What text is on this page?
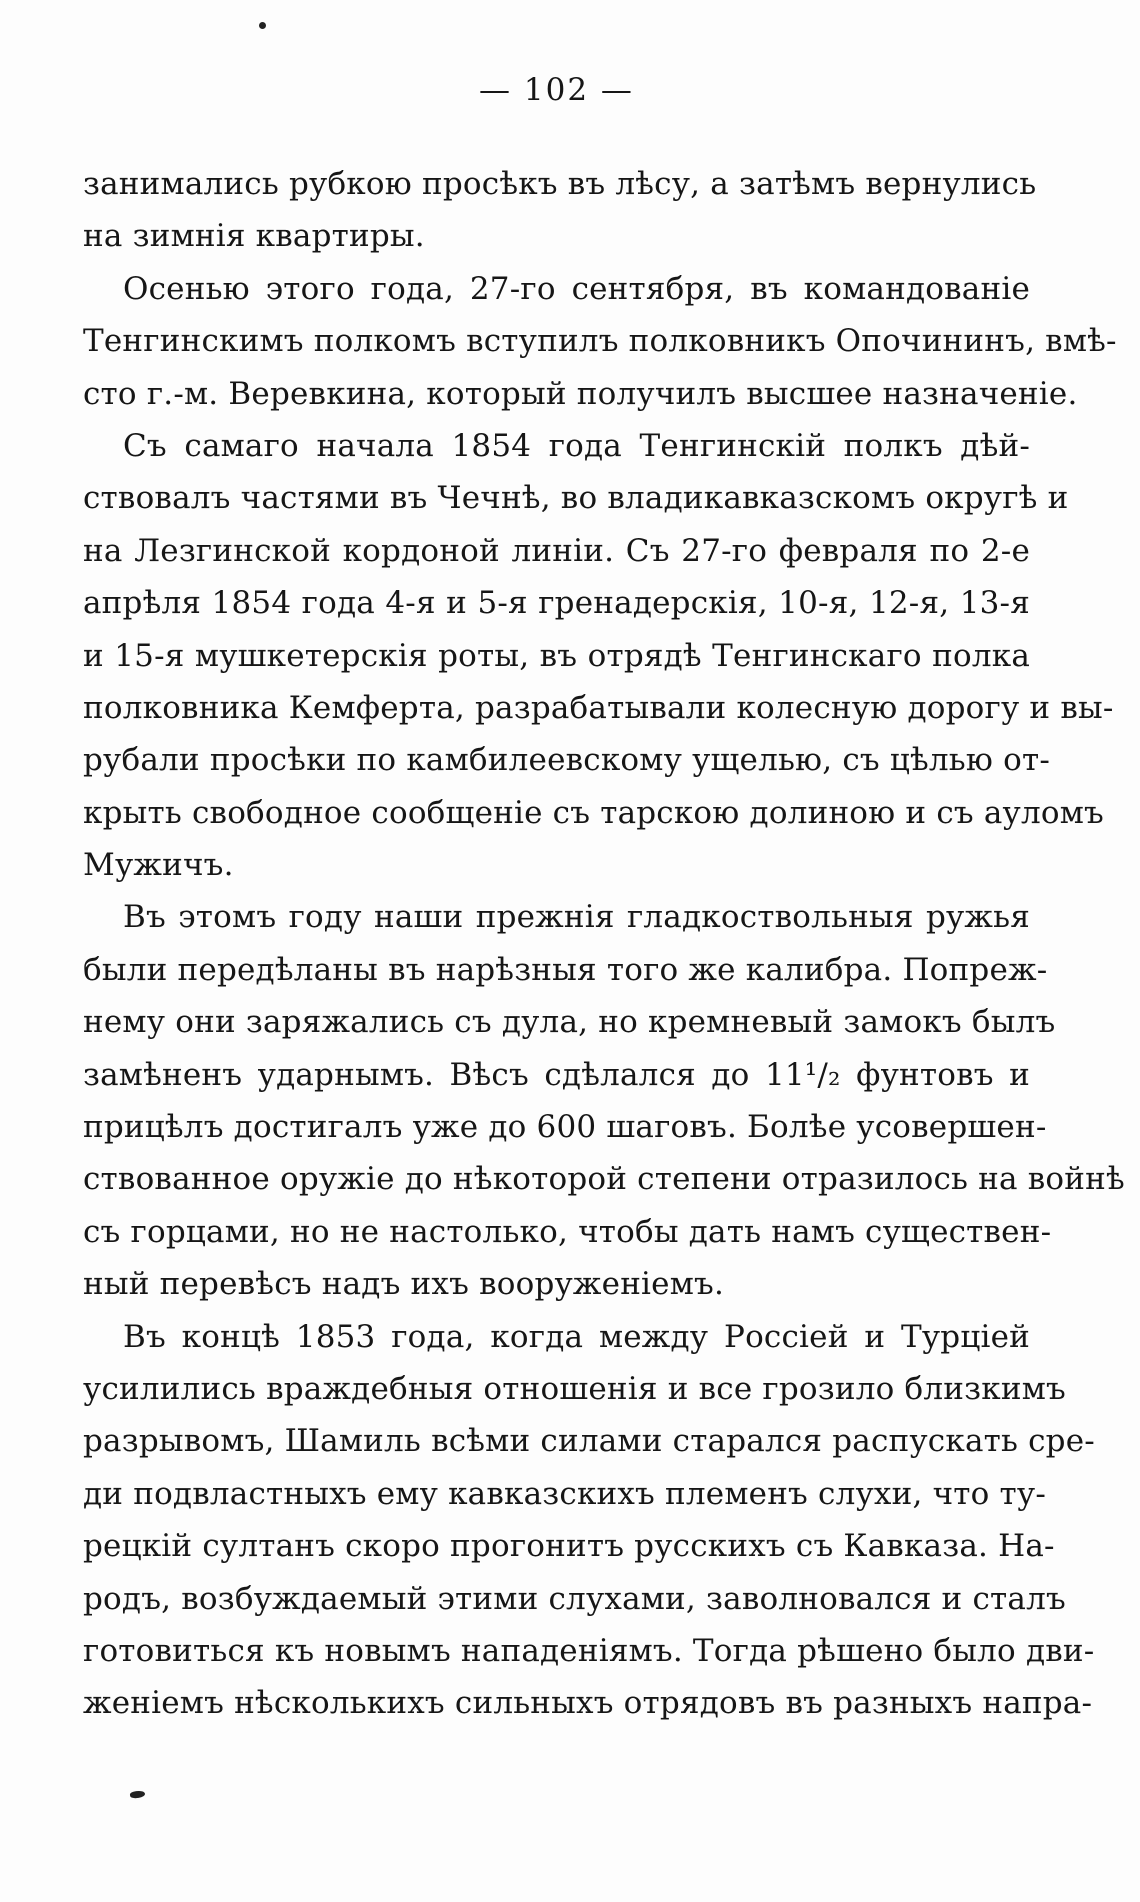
— 102 —
занимались рубкою просѣкъ въ лѣсу, а затѣмъ вернулись
на зимнія квартиры.
Осенью этого года, 27-го сентября, въ командованіе
Тенгинскимъ полкомъ вступилъ полковникъ Опочининъ, вмѣ-
сто г.-м. Веревкина, который получилъ высшее назначеніе.
Съ самаго начала 1854 года Тенгинскій полкъ дѣй-
ствовалъ частями въ Чечнѣ, во владикавказскомъ округѣ и
на Лезгинской кордоной линіи. Съ 27-го февраля по 2-е
апрѣля 1854 года 4-я и 5-я гренадерскія, 10-я, 12-я, 13-я
и 15-я мушкетерскія роты, въ отрядѣ Тенгинскаго полка
полковника Кемферта, разрабатывали колесную дорогу и вы-
рубали просѣки по камбилеевскому ущелью, съ цѣлью от-
крыть свободное сообщеніе съ тарскою долиною и съ ауломъ
Мужичъ.
Въ этомъ году наши прежнія гладкоствольныя ружья
были передѣланы въ нарѣзныя того же калибра. Попреж-
нему они заряжались съ дула, но кремневый замокъ былъ
замѣненъ ударнымъ. Вѣсъ сдѣлался до 11¹/₂ фунтовъ и
прицѣлъ достигалъ уже до 600 шаговъ. Болѣе усовершен-
ствованное оружіе до нѣкоторой степени отразилось на войнѣ
съ горцами, но не настолько, чтобы дать намъ существен-
ный перевѣсъ надъ ихъ вооруженіемъ.
Въ концѣ 1853 года, когда между Россіей и Турціей
усилились враждебныя отношенія и все грозило близкимъ
разрывомъ, Шамиль всѣми силами старался распускать сре-
ди подвластныхъ ему кавказскихъ племенъ слухи, что ту-
рецкій султанъ скоро прогонитъ русскихъ съ Кавказа. На-
родъ, возбуждаемый этими слухами, заволновался и сталъ
готовиться къ новымъ нападеніямъ. Тогда рѣшено было дви-
женіемъ нѣсколькихъ сильныхъ отрядовъ въ разныхъ напра-
